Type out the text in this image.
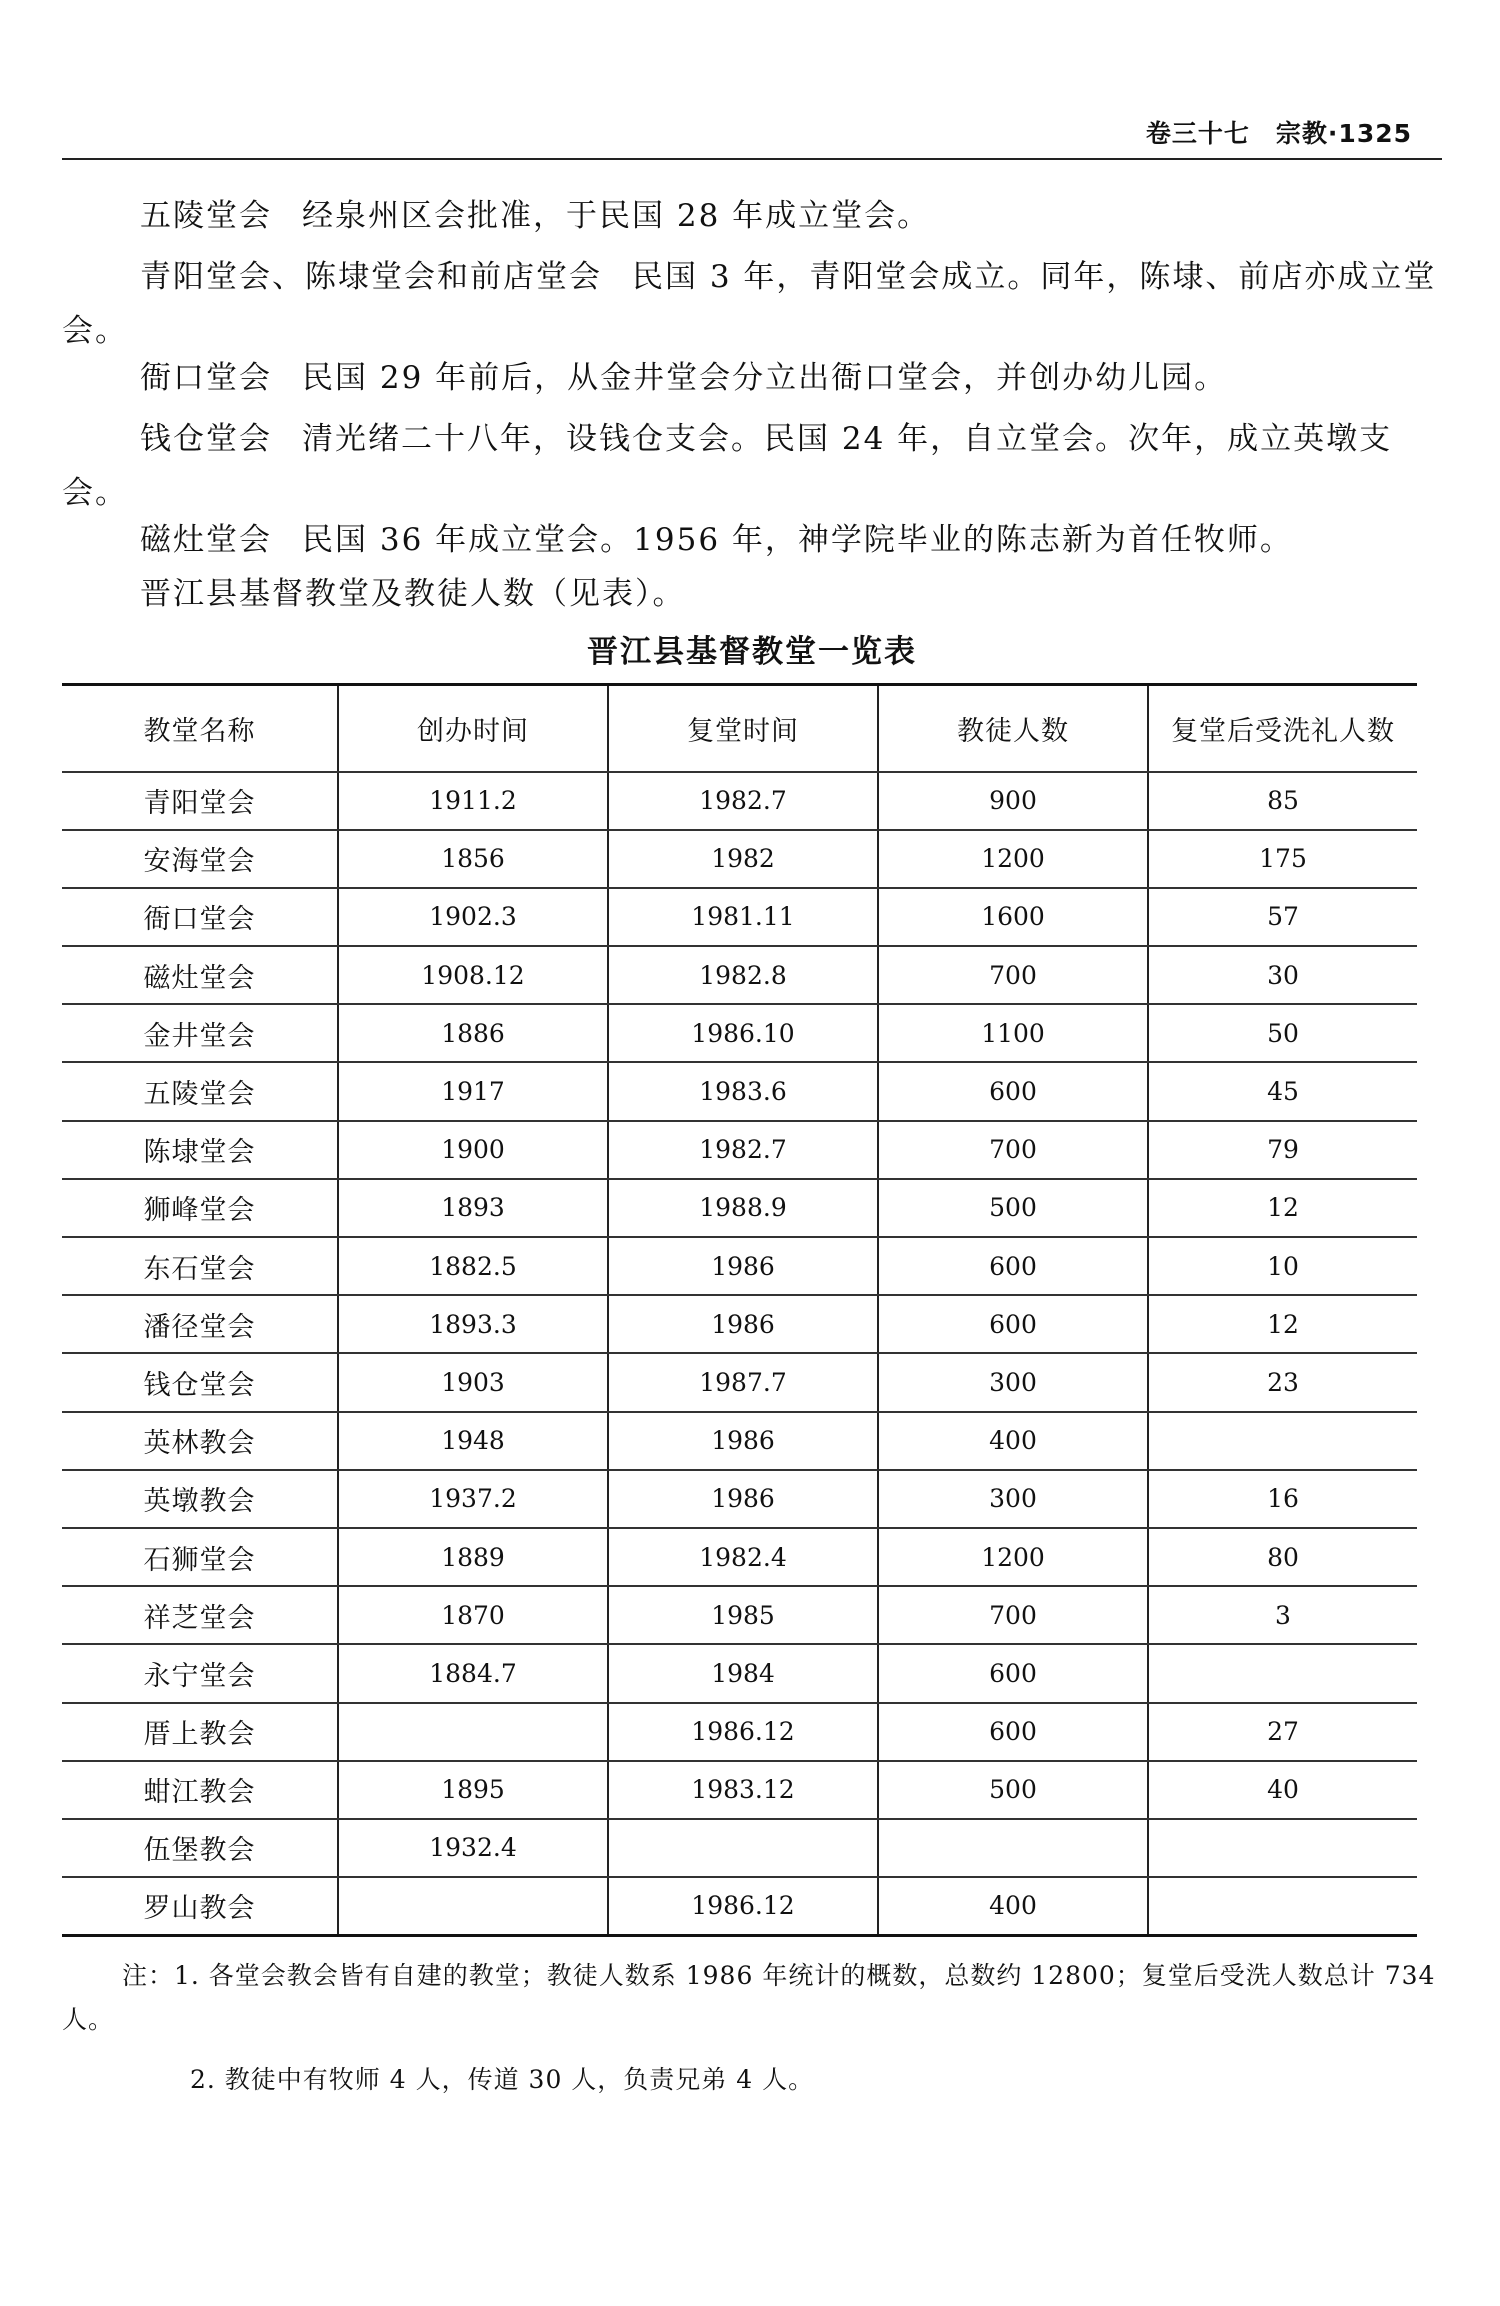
卷三十七　宗教·1325
五陵堂会 经泉州区会批准，于民国 28 年成立堂会。
青阳堂会、陈埭堂会和前店堂会 民国 3 年，青阳堂会成立。同年，陈埭、前店亦成立堂会。
衙口堂会 民国 29 年前后，从金井堂会分立出衙口堂会，并创办幼儿园。
钱仓堂会 清光绪二十八年，设钱仓支会。民国 24 年，自立堂会。次年，成立英墩支会。
磁灶堂会 民国 36 年成立堂会。1956 年，神学院毕业的陈志新为首任牧师。
晋江县基督教堂及教徒人数（见表）。
晋江县基督教堂一览表
教堂名称	创办时间	复堂时间	教徒人数	复堂后受洗礼人数
青阳堂会	1911.2	1982.7	900	85
安海堂会	1856	1982	1200	175
衙口堂会	1902.3	1981.11	1600	57
磁灶堂会	1908.12	1982.8	700	30
金井堂会	1886	1986.10	1100	50
五陵堂会	1917	1983.6	600	45
陈埭堂会	1900	1982.7	700	79
狮峰堂会	1893	1988.9	500	12
东石堂会	1882.5	1986	600	10
潘径堂会	1893.3	1986	600	12
钱仓堂会	1903	1987.7	300	23
英林教会	1948	1986	400	
英墩教会	1937.2	1986	300	16
石狮堂会	1889	1982.4	1200	80
祥芝堂会	1870	1985	700	3
永宁堂会	1884.7	1984	600	
厝上教会		1986.12	600	27
蚶江教会	1895	1983.12	500	40
伍堡教会	1932.4			
罗山教会		1986.12	400	
注：1. 各堂会教会皆有自建的教堂；教徒人数系 1986 年统计的概数，总数约 12800；复堂后受洗人数总计 734 人。
2. 教徒中有牧师 4 人，传道 30 人，负责兄弟 4 人。
